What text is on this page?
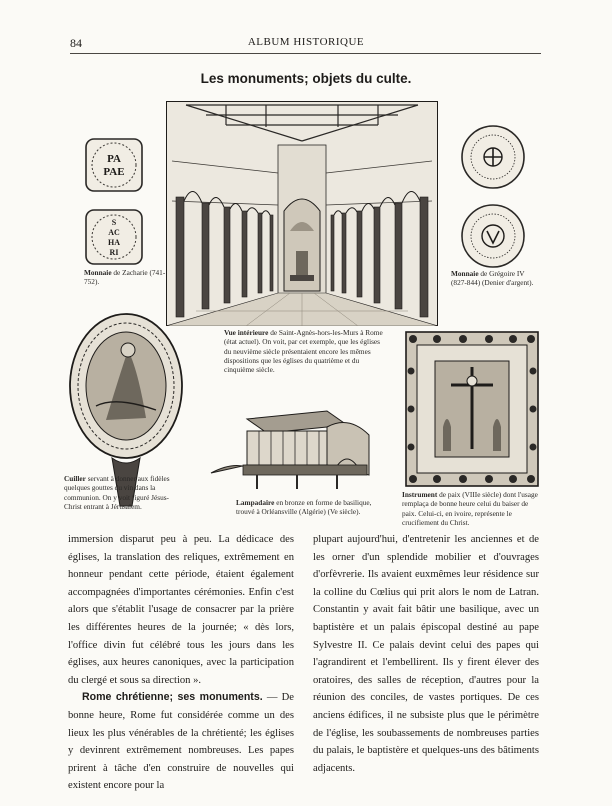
84	ALBUM HISTORIQUE
Les monuments; objets du culte.
PA
PAE
S
AC
HA
RI
Monnaie de Zacharie (741-752).
Vue intérieure de Saint-Agnès-hors-les-Murs à Rome (état actuel). On voit, par cet exemple, que les églises du neuvième siècle présentaient encore les mêmes dispositions que les églises du quatrième et du cinquième siècle.
Monnaie de Grégoire IV (827-844) (Denier d'argent).
Cuiller servant à donner aux fidèles quelques gouttes du vin dans la communion. On y voit figuré Jésus-Christ entrant à Jérusalem.	Lampadaire en bronze en forme de basilique, trouvé à Orléansville (Algérie) (Ve siècle).
Instrument de paix (VIIIe siècle) dont l'usage remplaça de bonne heure celui du baiser de paix. Celui-ci, en ivoire, représente le crucifiement du Christ.

immersion disparut peu à peu. La dédicace des églises, la translation des reliques, extrêmement en honneur pendant cette période, étaient également accompagnées d'importantes cérémonies. Enfin c'est alors que s'établit l'usage de consacrer par la prière les différentes heures de la journée; « dès lors, l'office divin fut célébré tous les jours dans les églises, aux heures canoniques, avec la participation du clergé et sous sa direction ».

Rome chrétienne; ses monuments. — De bonne heure, Rome fut considérée comme un des lieux les plus vénérables de la chrétienté; les églises y devinrent extrêmement nombreuses. Les papes prirent à tâche d'en construire de nouvelles qui existent encore pour la

plupart aujourd'hui, d'entretenir les anciennes et de les orner d'un splendide mobilier et d'ouvrages d'orfèvrerie. Ils avaient euxmêmes leur résidence sur la colline du Cœlius qui prit alors le nom de Latran. Constantin y avait fait bâtir une basilique, avec un baptistère et un palais épiscopal destiné au pape Sylvestre II. Ce palais devint celui des papes qui l'agrandirent et l'embellirent. Ils y firent élever des oratoires, des salles de réception, d'autres pour la réunion des conciles, de vastes portiques. De ces anciens édifices, il ne subsiste plus que le périmètre de l'église, les soubassements de nombreuses parties du palais, le baptistère et quelques-uns des bâtiments adjacents.
